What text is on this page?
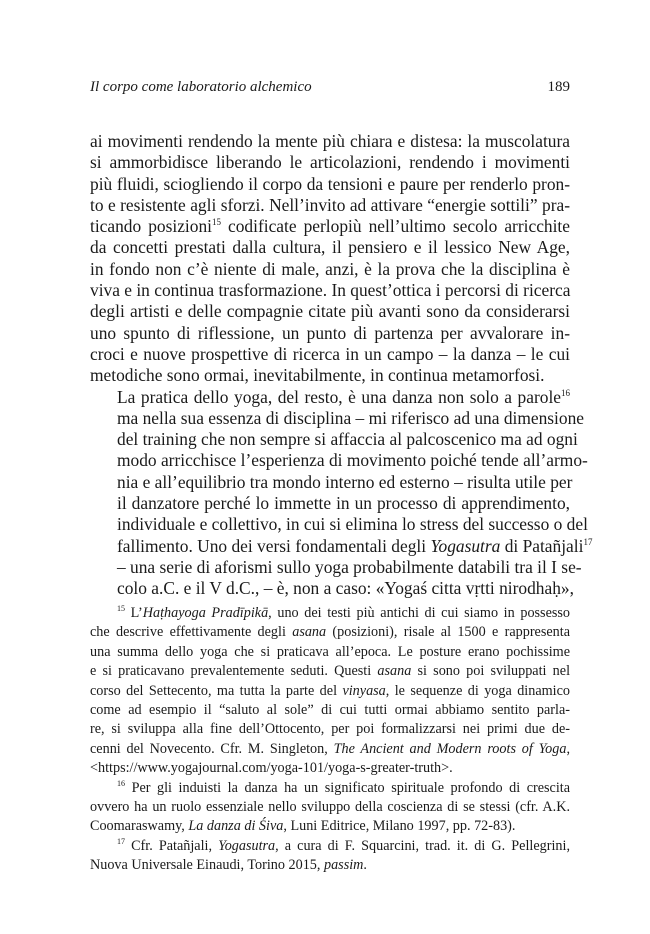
Il corpo come laboratorio alchemico	189

ai movimenti rendendo la mente più chiara e distesa: la muscolatura
si ammorbidisce liberando le articolazioni, rendendo i movimenti
più fluidi, sciogliendo il corpo da tensioni e paure per renderlo pron-
to e resistente agli sforzi. Nell’invito ad attivare “energie sottili” pra-
ticando posizioni$^{15}$ codificate perlopiù nell’ultimo secolo arricchite
da concetti prestati dalla cultura, il pensiero e il lessico New Age,
in fondo non c’è niente di male, anzi, è la prova che la disciplina è
viva e in continua trasformazione. In quest’ottica i percorsi di ricerca
degli artisti e delle compagnie citate più avanti sono da considerarsi
uno spunto di riflessione, un punto di partenza per avvalorare in-
croci e nuove prospettive di ricerca in un campo – la danza – le cui
metodiche sono ormai, inevitabilmente, in continua metamorfosi.

La pratica dello yoga, del resto, è una danza non solo a parole$^{16}$
ma nella sua essenza di disciplina – mi riferisco ad una dimensione
del training che non sempre si affaccia al palcoscenico ma ad ogni
modo arricchisce l’esperienza di movimento poiché tende all’armo-
nia e all’equilibrio tra mondo interno ed esterno – risulta utile per
il danzatore perché lo immette in un processo di apprendimento,
individuale e collettivo, in cui si elimina lo stress del successo o del
fallimento. Uno dei versi fondamentali degli Yogasutra di Patañjali$^{17}$
– una serie di aforismi sullo yoga probabilmente databili tra il I se-
colo a.C. e il V d.C., – è, non a caso: «Yogaś citta vṛtti nirodhaḥ»,

$^{15}$ L’Haṭhayoga Pradīpikā, uno dei testi più antichi di cui siamo in possesso
che descrive effettivamente degli asana (posizioni), risale al 1500 e rappresenta
una summa dello yoga che si praticava all’epoca. Le posture erano pochissime
e si praticavano prevalentemente seduti. Questi asana si sono poi sviluppati nel
corso del Settecento, ma tutta la parte del vinyasa, le sequenze di yoga dinamico
come ad esempio il “saluto al sole” di cui tutti ormai abbiamo sentito parla-
re, si sviluppa alla fine dell’Ottocento, per poi formalizzarsi nei primi due de-
cenni del Novecento. Cfr. M. Singleton, The Ancient and Modern roots of Yoga,
<https://www.yogajournal.com/yoga-101/yoga-s-greater-truth>.
$^{16}$ Per gli induisti la danza ha un significato spirituale profondo di crescita
ovvero ha un ruolo essenziale nello sviluppo della coscienza di se stessi (cfr. A.K.
Coomaraswamy, La danza di Śiva, Luni Editrice, Milano 1997, pp. 72-83).
$^{17}$ Cfr. Patañjali, Yogasutra, a cura di F. Squarcini, trad. it. di G. Pellegrini,
Nuova Universale Einaudi, Torino 2015, passim.
